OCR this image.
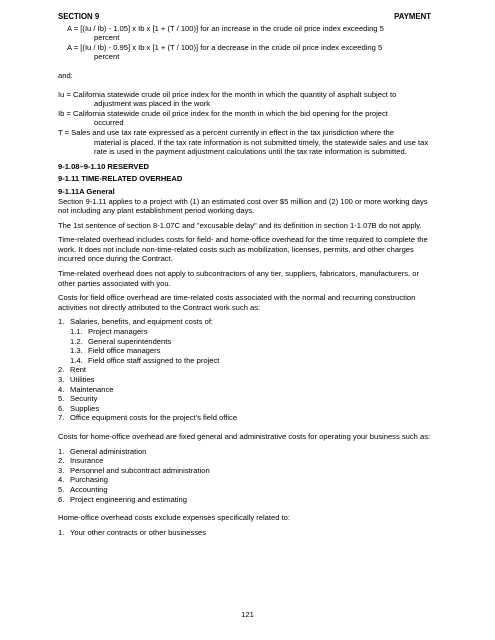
SECTION 9	PAYMENT

A = [(Iu / Ib) - 1.05] x Ib x [1 + (T / 100)] for an increase in the crude oil price index exceeding 5
percent

A = [(Iu / Ib) - 0.95] x Ib x [1 + (T / 100)] for a decrease in the crude oil price index exceeding 5
percent

and:

Iu = California statewide crude oil price index for the month in which the quantity of asphalt subject to
adjustment was placed in the work

Ib = California statewide crude oil price index for the month in which the bid opening for the project
occurred

T = Sales and use tax rate expressed as a percent currently in effect in the tax jurisdiction where the
material is placed. If the tax rate information is not submitted timely, the statewide sales and use tax rate is used in the payment adjustment calculations until the tax rate information is submitted.

9-1.08–9-1.10 RESERVED

9-1.11 TIME-RELATED OVERHEAD

9-1.11A General

Section 9-1.11 applies to a project with (1) an estimated cost over $5 million and (2) 100 or more working days not including any plant establishment period working days.

The 1st sentence of section 8-1.07C and "excusable delay" and its definition in section 1-1.07B do not apply.

Time-related overhead includes costs for field- and home-office overhead for the time required to complete the work. It does not include non-time-related costs such as mobilization, licenses, permits, and other charges incurred once during the Contract.

Time-related overhead does not apply to subcontractors of any tier, suppliers, fabricators, manufacturers, or other parties associated with you.

Costs for field office overhead are time-related costs associated with the normal and recurring construction activities not directly attributed to the Contract work such as:

1. Salaries, benefits, and equipment costs of:
1.1. Project managers
1.2. General superintendents
1.3. Field office managers
1.4. Field office staff assigned to the project
2. Rent
3. Utilities
4. Maintenance
5. Security
6. Supplies
7. Office equipment costs for the project's field office

Costs for home-office overhead are fixed general and administrative costs for operating your business such as:

1. General administration
2. Insurance
3. Personnel and subcontract administration
4. Purchasing
5. Accounting
6. Project engineering and estimating

Home-office overhead costs exclude expenses specifically related to:

1. Your other contracts or other businesses
121
